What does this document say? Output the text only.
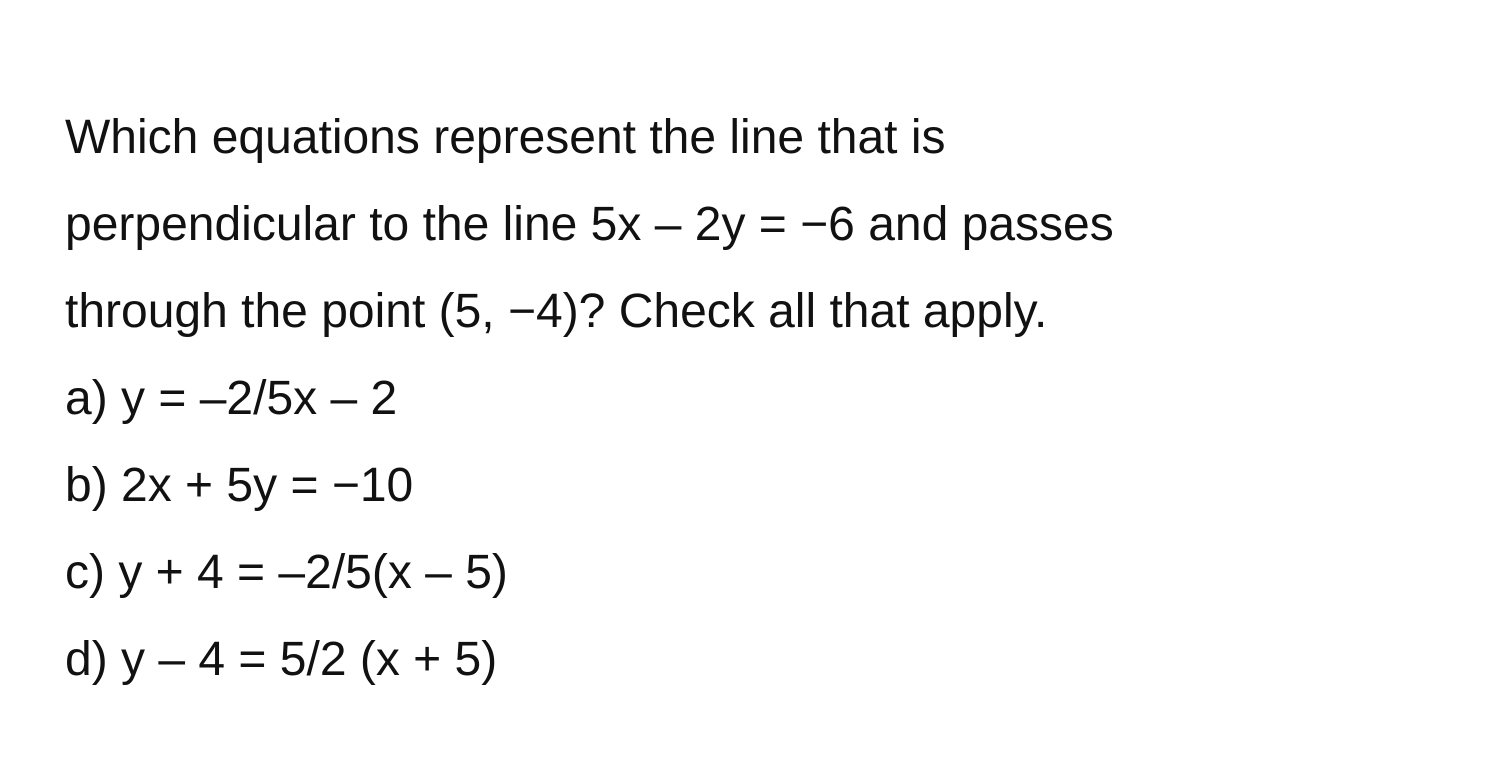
Which equations represent the line that is
perpendicular to the line 5x – 2y = −6 and passes
through the point (5, −4)? Check all that apply.
a) y = –2/5x – 2
b) 2x + 5y = −10
c) y + 4 = –2/5(x – 5)
d) y – 4 = 5/2 (x + 5)
